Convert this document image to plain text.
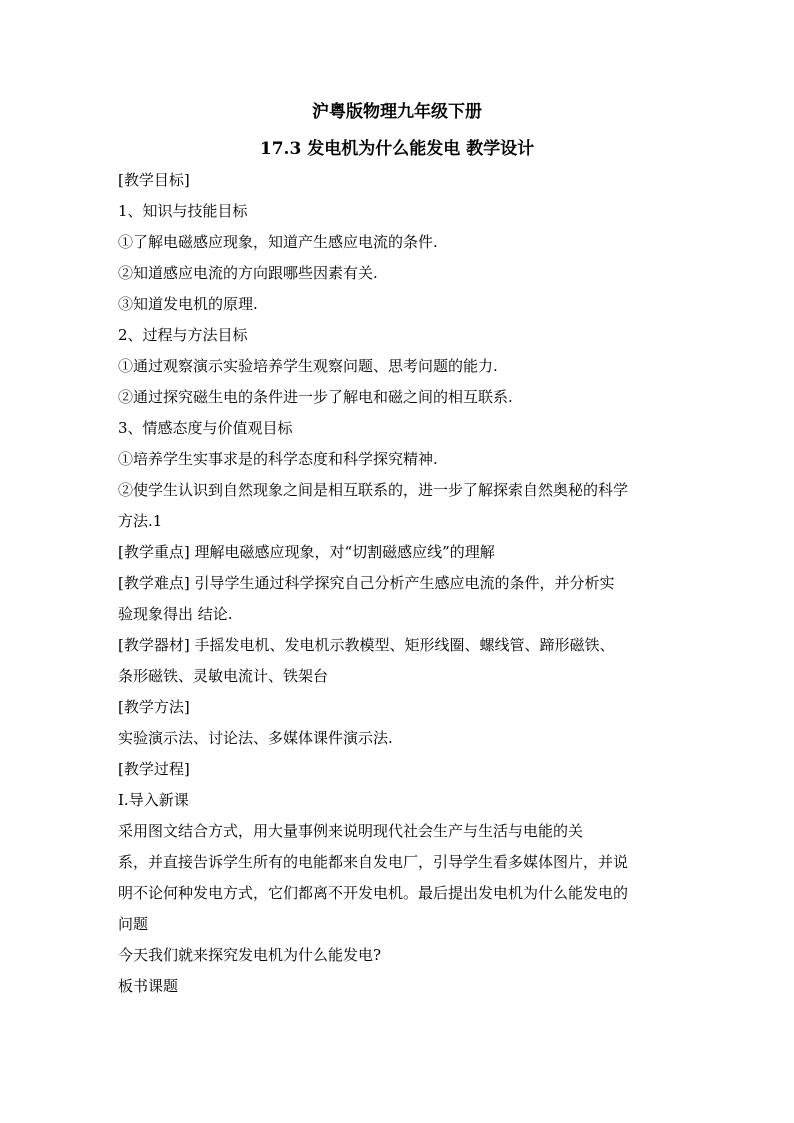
沪粤版物理九年级下册
17.3 发电机为什么能发电 教学设计
[教学目标]
1、知识与技能目标
①了解电磁感应现象，知道产生感应电流的条件.
②知道感应电流的方向跟哪些因素有关.
③知道发电机的原理.
2、过程与方法目标
①通过观察演示实验培养学生观察问题、思考问题的能力.
②通过探究磁生电的条件进一步了解电和磁之间的相互联系.
3、情感态度与价值观目标
①培养学生实事求是的科学态度和科学探究精神.
②使学生认识到自然现象之间是相互联系的，进一步了解探索自然奥秘的科学
方法.1
[教学重点] 理解电磁感应现象，对“切割磁感应线”的理解
[教学难点] 引导学生通过科学探究自己分析产生感应电流的条件，并分析实
验现象得出 结论.
[教学器材] 手摇发电机、发电机示教模型、矩形线圈、螺线管、蹄形磁铁、
条形磁铁、灵敏电流计、铁架台
[教学方法]
实验演示法、讨论法、多媒体课件演示法.
[教学过程]
Ⅰ.导入新课
采用图文结合方式，用大量事例来说明现代社会生产与生活与电能的关
系，并直接告诉学生所有的电能都来自发电厂，引导学生看多媒体图片，并说
明不论何种发电方式，它们都离不开发电机。最后提出发电机为什么能发电的
问题
今天我们就来探究发电机为什么能发电?
板书课题
